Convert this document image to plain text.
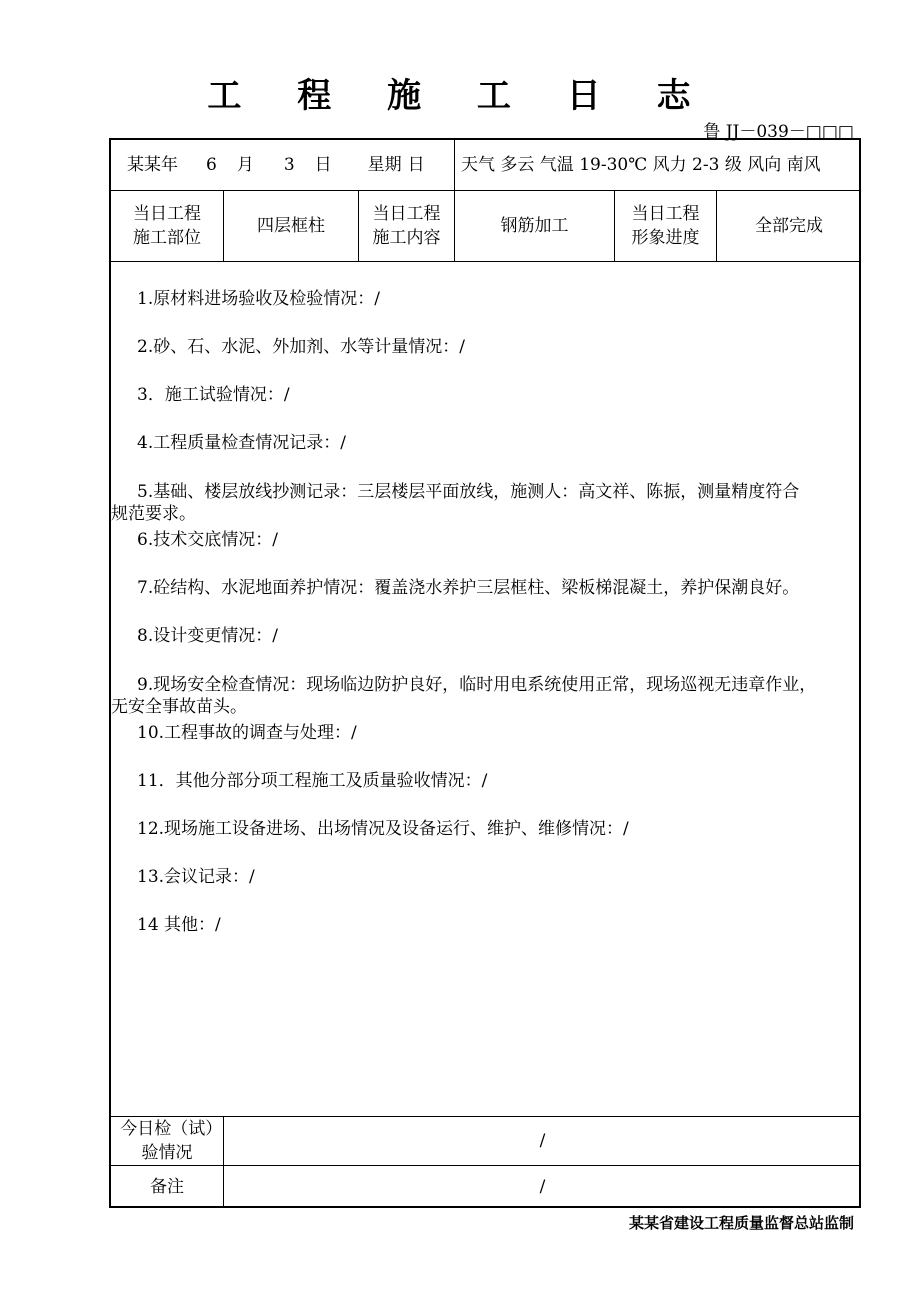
工 程 施 工 日 志
鲁 JJ－039－□□□
某某年 6 月 3 日 星期 日 天气 多云 气温 19-30℃ 风力 2-3 级 风向 南风
当日工程施工部位
四层框柱
当日工程施工内容
钢筋加工
当日工程形象进度
全部完成
1.原材料进场验收及检验情况：/
2.砂、石、水泥、外加剂、水等计量情况：/
3．施工试验情况：/
4.工程质量检查情况记录：/
5.基础、楼层放线抄测记录：三层楼层平面放线，施测人：高文祥、陈振，测量精度符合
规范要求。
6.技术交底情况：/
7.砼结构、水泥地面养护情况：覆盖浇水养护三层框柱、梁板梯混凝土，养护保潮良好。
8.设计变更情况：/
9.现场安全检查情况：现场临边防护良好，临时用电系统使用正常，现场巡视无违章作业，
无安全事故苗头。
10.工程事故的调查与处理：/
11．其他分部分项工程施工及质量验收情况：/
12.现场施工设备进场、出场情况及设备运行、维护、维修情况：/
13.会议记录：/
14 其他：/
今日检（试）验情况
/
备注	/
某某省建设工程质量监督总站监制
